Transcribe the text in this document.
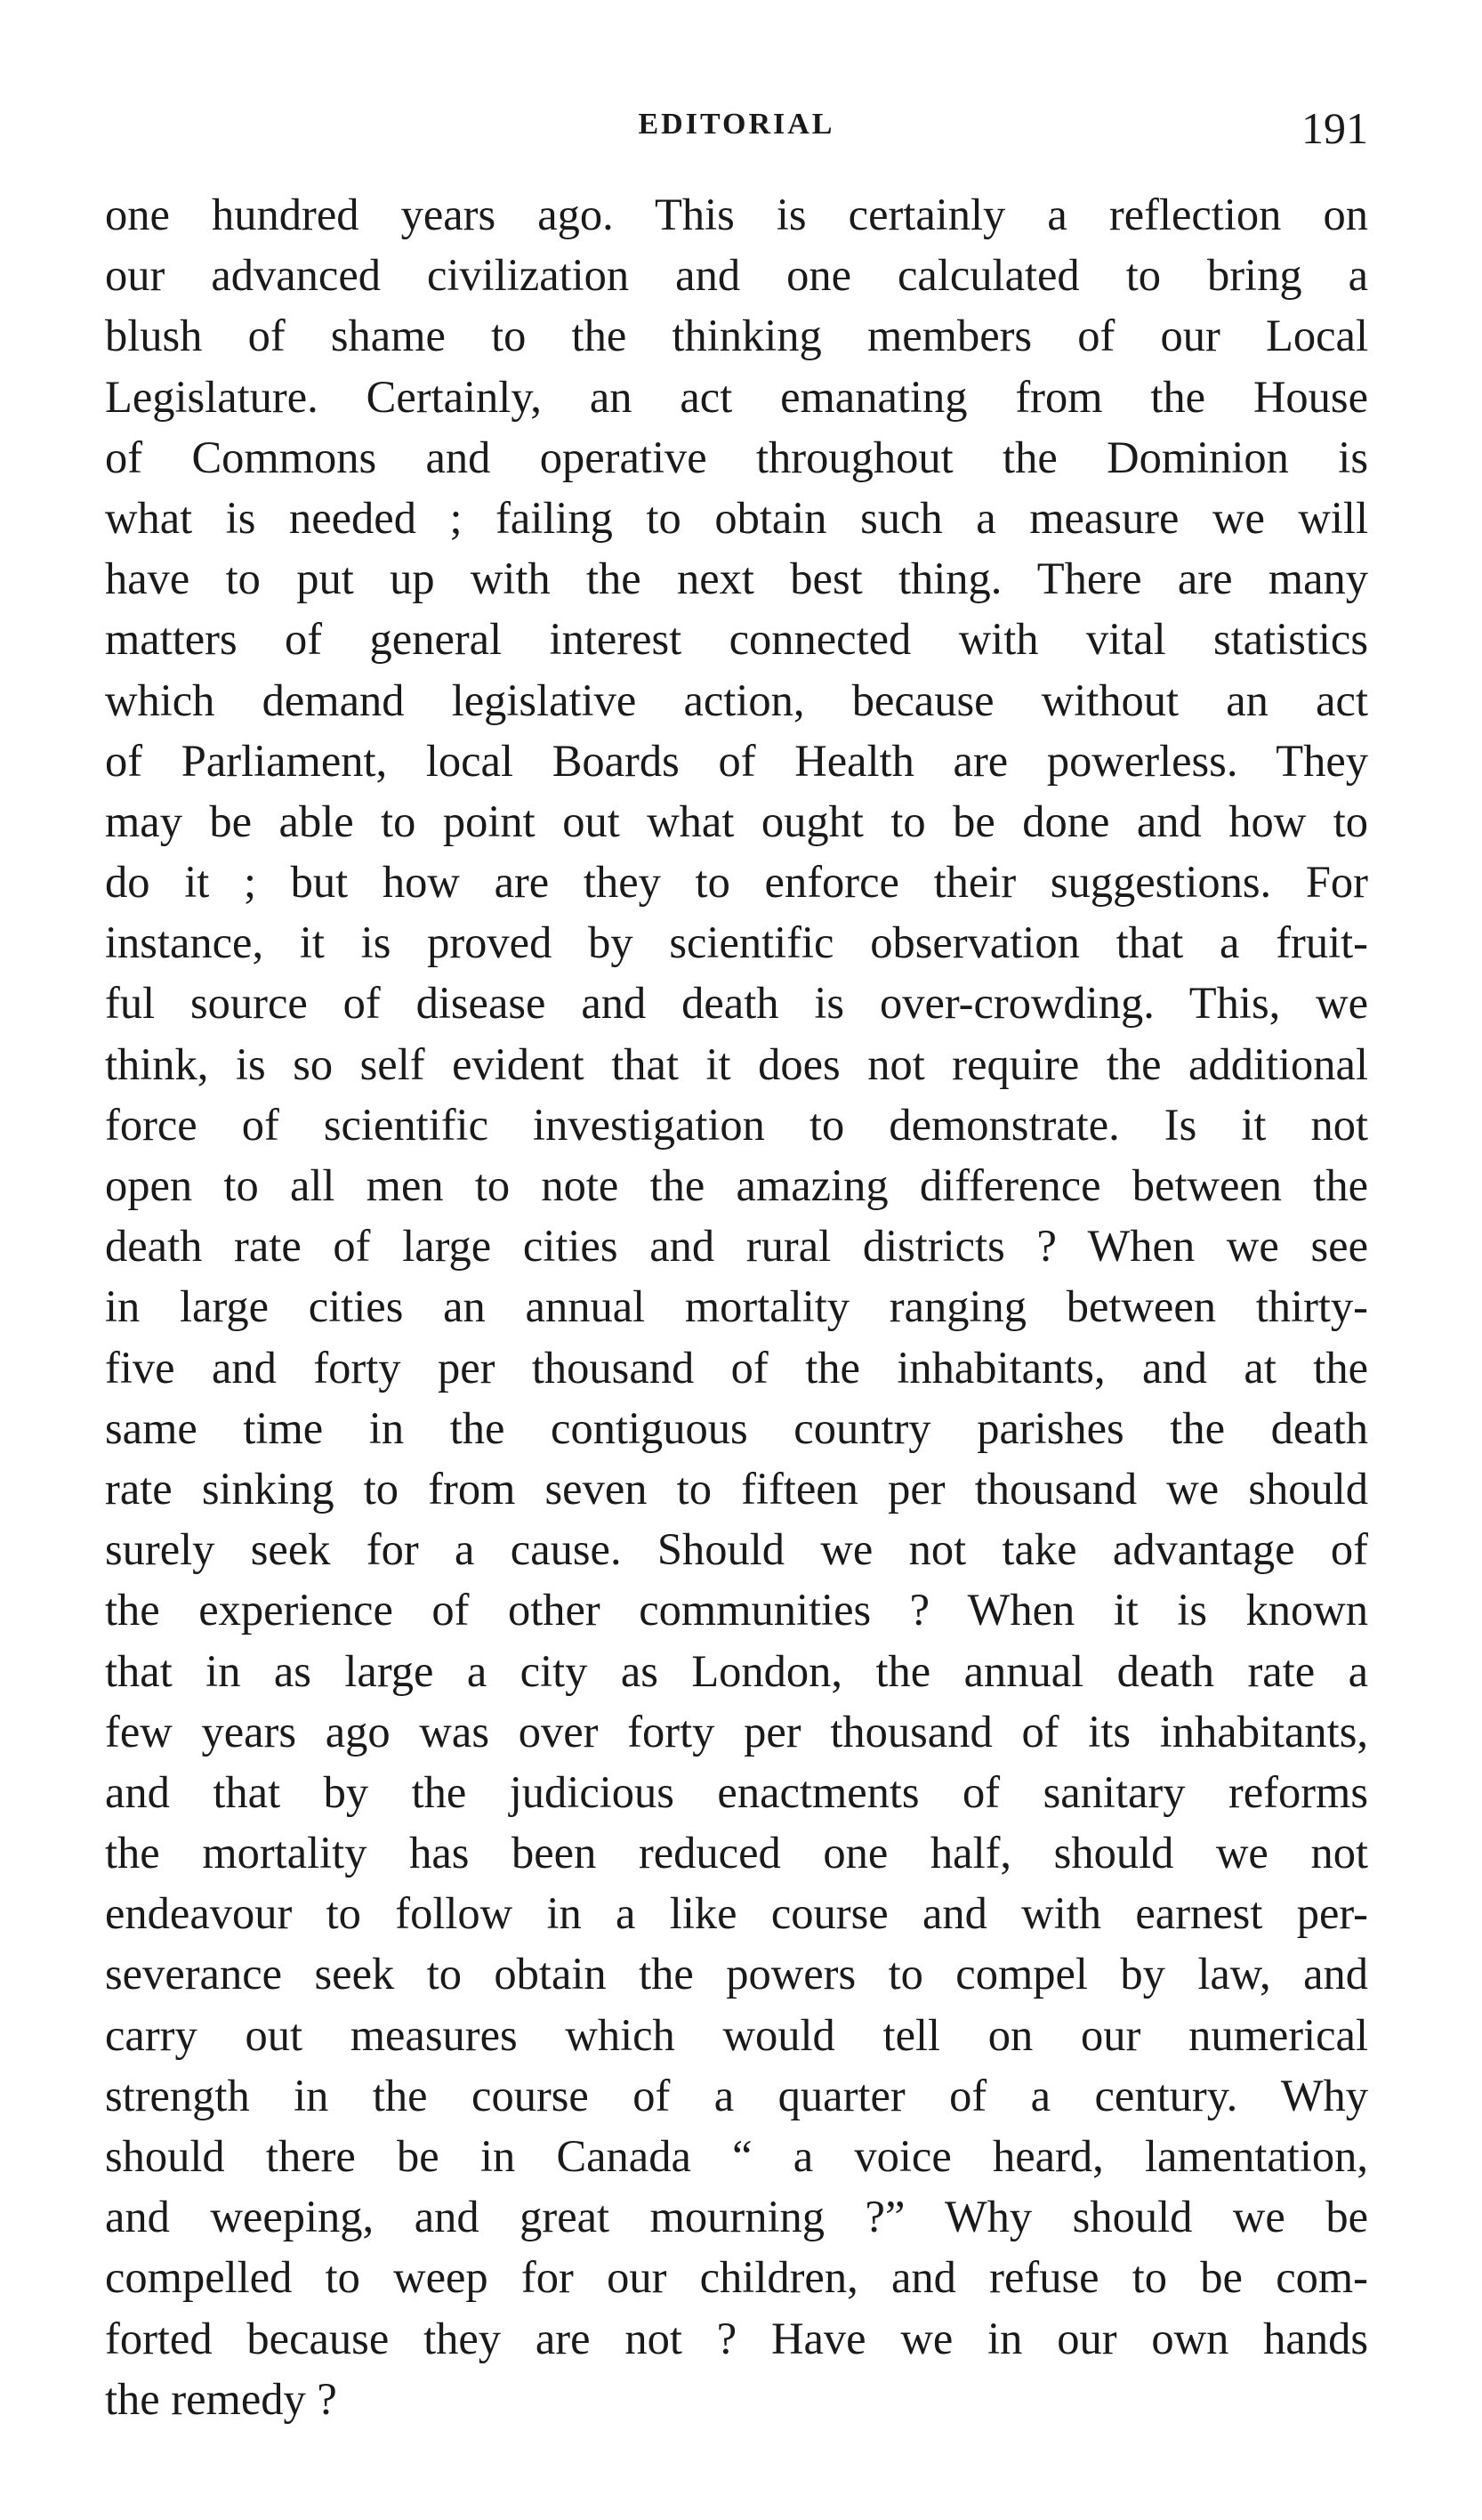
EDITORIAL	191
one hundred years ago. This is certainly a reflection on
our advanced civilization and one calculated to bring a
blush of shame to the thinking members of our Local
Legislature. Certainly, an act emanating from the House
of Commons and operative throughout the Dominion is
what is needed ; failing to obtain such a measure we will
have to put up with the next best thing. There are many
matters of general interest connected with vital statistics
which demand legislative action, because without an act
of Parliament, local Boards of Health are powerless. They
may be able to point out what ought to be done and how to
do it ; but how are they to enforce their suggestions. For
instance, it is proved by scientific observation that a fruit-
ful source of disease and death is over-crowding. This, we
think, is so self evident that it does not require the additional
force of scientific investigation to demonstrate. Is it not
open to all men to note the amazing difference between the
death rate of large cities and rural districts ? When we see
in large cities an annual mortality ranging between thirty-
five and forty per thousand of the inhabitants, and at the
same time in the contiguous country parishes the death
rate sinking to from seven to fifteen per thousand we should
surely seek for a cause. Should we not take advantage of
the experience of other communities ? When it is known
that in as large a city as London, the annual death rate a
few years ago was over forty per thousand of its inhabitants,
and that by the judicious enactments of sanitary reforms
the mortality has been reduced one half, should we not
endeavour to follow in a like course and with earnest per-
severance seek to obtain the powers to compel by law, and
carry out measures which would tell on our numerical
strength in the course of a quarter of a century. Why
should there be in Canada “ a voice heard, lamentation,
and weeping, and great mourning ?” Why should we be
compelled to weep for our children, and refuse to be com-
forted because they are not ? Have we in our own hands
the remedy ?
